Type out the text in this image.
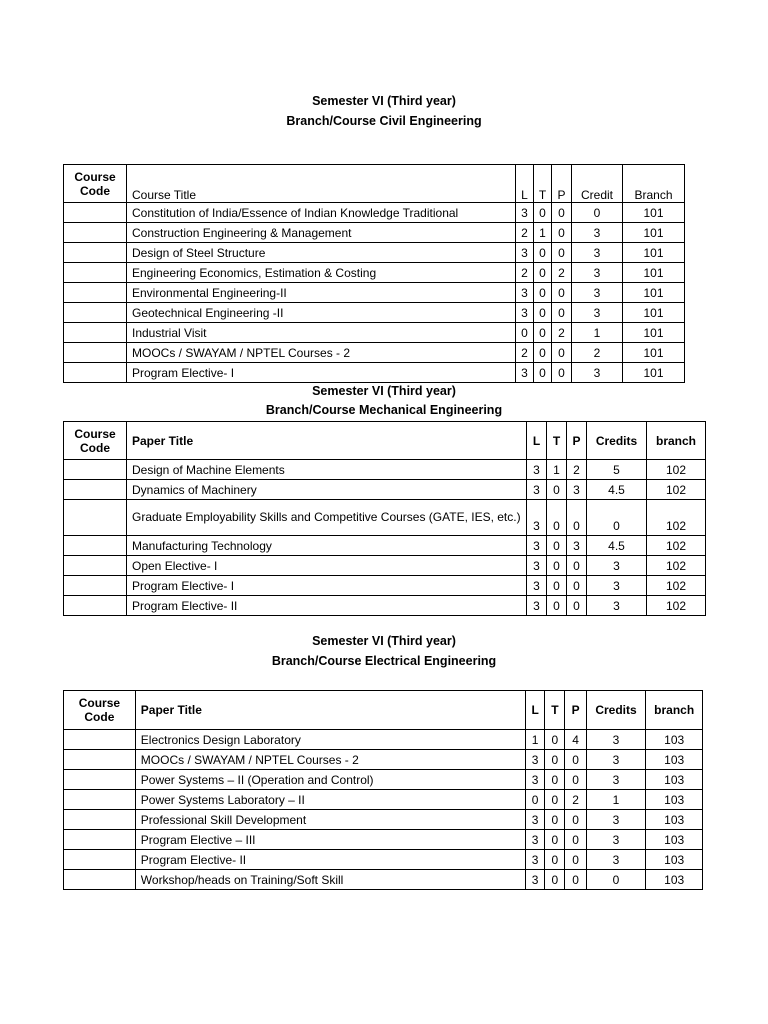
Semester VI (Third year)
Branch/Course Civil Engineering
Course Code	Course Title	L	T	P	Credit	Branch
	Constitution of India/Essence of Indian Knowledge Traditional	3	0	0	0	101
	Construction Engineering & Management	2	1	0	3	101
	Design of Steel Structure	3	0	0	3	101
	Engineering Economics, Estimation & Costing	2	0	2	3	101
	Environmental Engineering-II	3	0	0	3	101
	Geotechnical Engineering -II	3	0	0	3	101
	Industrial Visit	0	0	2	1	101
	MOOCs / SWAYAM / NPTEL Courses - 2	2	0	0	2	101
	Program Elective- I	3	0	0	3	101
Semester VI (Third year)
Branch/Course Mechanical Engineering
Course Code	Paper Title	L	T	P	Credits	branch
	Design of Machine Elements	3	1	2	5	102
	Dynamics of Machinery	3	0	3	4.5	102
	Graduate Employability Skills and Competitive Courses (GATE, IES, etc.)	3	0	0	0	102
	Manufacturing Technology	3	0	3	4.5	102
	Open Elective- I	3	0	0	3	102
	Program Elective- I	3	0	0	3	102
	Program Elective- II	3	0	0	3	102
Semester VI (Third year)
Branch/Course Electrical Engineering
Course Code	Paper Title	L	T	P	Credits	branch
	Electronics Design Laboratory	1	0	4	3	103
	MOOCs / SWAYAM / NPTEL Courses - 2	3	0	0	3	103
	Power Systems – II (Operation and Control)	3	0	0	3	103
	Power Systems Laboratory – II	0	0	2	1	103
	Professional Skill Development	3	0	0	3	103
	Program Elective – III	3	0	0	3	103
	Program Elective- II	3	0	0	3	103
	Workshop/heads on Training/Soft Skill	3	0	0	0	103
